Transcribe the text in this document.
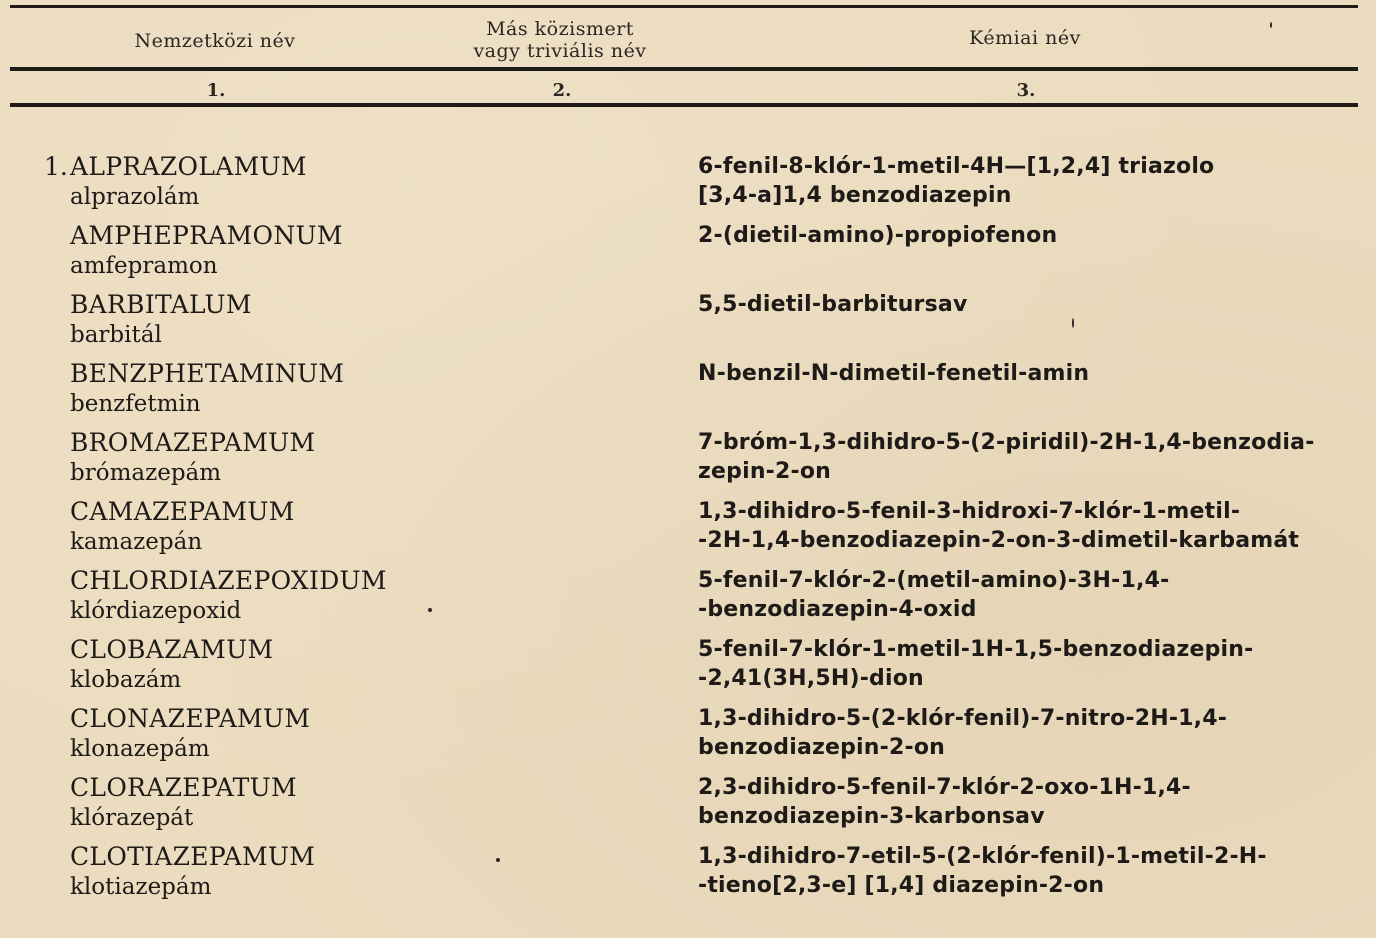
Nemzetközi név
Más közismert
vagy triviális név
Kémiai név
1.	2.	3.
1. ALPRAZOLAMUM
alprazolám
6-fenil-8-klór-1-metil-4H—[1,2,4] triazolo
[3,4-a]1,4 benzodiazepin
AMPHEPRAMONUM
amfepramon
2-(dietil-amino)-propiofenon
BARBITALUM
barbitál
5,5-dietil-barbitursav
BENZPHETAMINUM
benzfetmin
N-benzil-N-dimetil-fenetil-amin
BROMAZEPAMUM
brómazepám
7-bróm-1,3-dihidro-5-(2-piridil)-2H-1,4-benzodia-
zepin-2-on
CAMAZEPAMUM
kamazepán
1,3-dihidro-5-fenil-3-hidroxi-7-klór-1-metil-
-2H-1,4-benzodiazepin-2-on-3-dimetil-karbamát
CHLORDIAZEPOXIDUM
klórdiazepoxid
5-fenil-7-klór-2-(metil-amino)-3H-1,4-
-benzodiazepin-4-oxid
CLOBAZAMUM
klobazám
5-fenil-7-klór-1-metil-1H-1,5-benzodiazepin-
-2,41(3H,5H)-dion
CLONAZEPAMUM
klonazepám
1,3-dihidro-5-(2-klór-fenil)-7-nitro-2H-1,4-
benzodiazepin-2-on
CLORAZEPATUM
klórazepát
2,3-dihidro-5-fenil-7-klór-2-oxo-1H-1,4-
benzodiazepin-3-karbonsav
CLOTIAZEPAMUM
klotiazepám
1,3-dihidro-7-etil-5-(2-klór-fenil)-1-metil-2-H-
-tieno[2,3-e] [1,4] diazepin-2-on
